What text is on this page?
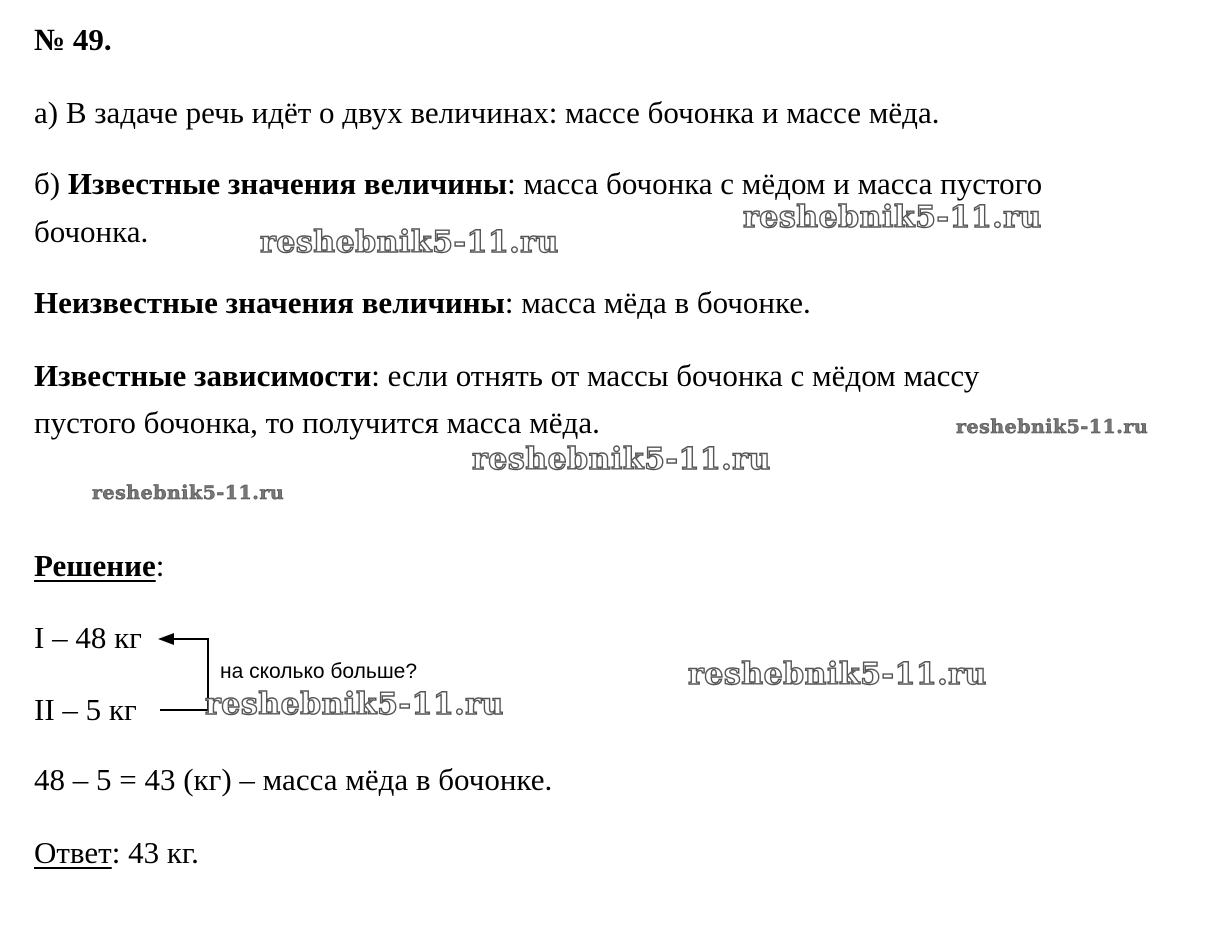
№ 49.
а) В задаче речь идёт о двух величинах: массе бочонка и массе мёда.
б) Известные значения величины: масса бочонка с мёдом и масса пустого
бочонка.
Неизвестные значения величины: масса мёда в бочонке.
Известные зависимости: если отнять от массы бочонка с мёдом массу
пустого бочонка, то получится масса мёда.
Решение:
I – 48 кг
II – 5 кг
на сколько больше?
48 – 5 = 43 (кг) – масса мёда в бочонке.
Ответ: 43 кг.
reshebnik5-11.ru
reshebnik5-11.ru
reshebnik5-11.ru
reshebnik5-11.ru
reshebnik5-11.ru
reshebnik5-11.ru
reshebnik5-11.ru
